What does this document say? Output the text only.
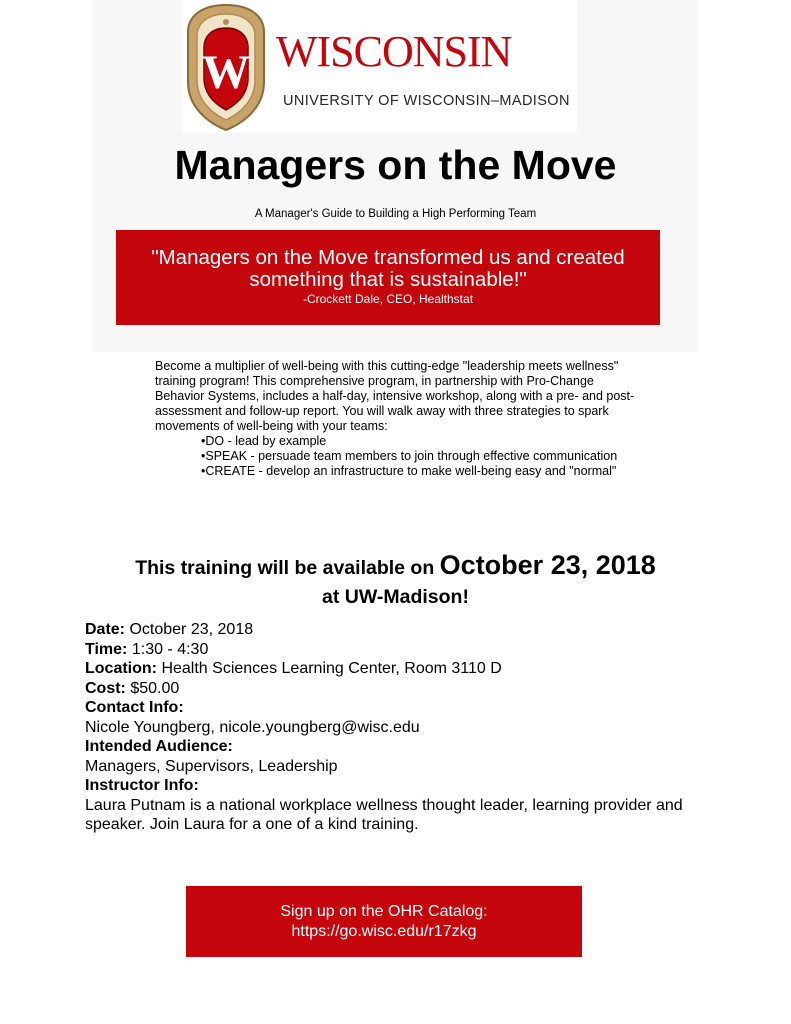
W WISCONSIN
UNIVERSITY OF WISCONSIN–MADISON
Managers on the Move
A Manager's Guide to Building a High Performing Team
"Managers on the Move transformed us and created something that is sustainable!"
-Crockett Dale, CEO, Healthstat

Become a multiplier of well-being with this cutting-edge "leadership meets wellness" training program! This comprehensive program, in partnership with Pro-Change Behavior Systems, includes a half-day, intensive workshop, along with a pre- and post-assessment and follow-up report. You will walk away with three strategies to spark movements of well-being with your teams:

•DO - lead by example
•SPEAK - persuade team members to join through effective communication
•CREATE - develop an infrastructure to make well-being easy and "normal"
This training will be available on October 23, 2018
at UW-Madison!
Date: October 23, 2018
Time: 1:30 - 4:30
Location: Health Sciences Learning Center, Room 3110 D
Cost: $50.00
Contact Info:
Nicole Youngberg, nicole.youngberg@wisc.edu
Intended Audience:
Managers, Supervisors, Leadership
Instructor Info:
Laura Putnam is a national workplace wellness thought leader, learning provider and speaker. Join Laura for a one of a kind training.
Sign up on the OHR Catalog:
https://go.wisc.edu/r17zkg
